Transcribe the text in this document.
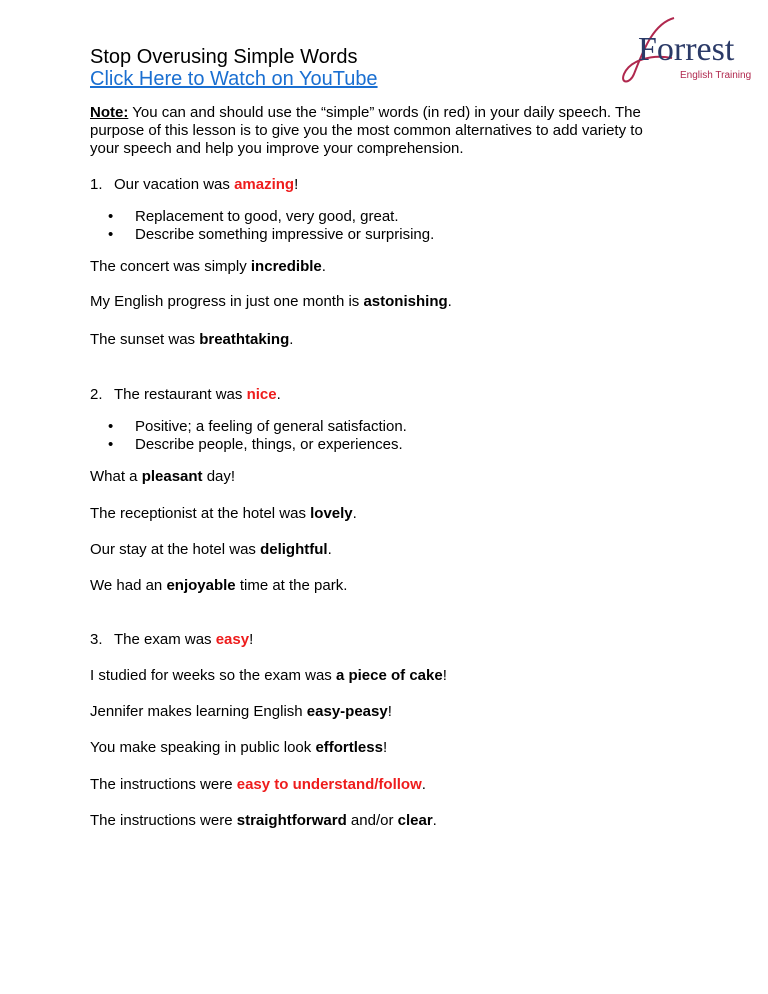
Stop Overusing Simple Words
Click Here to Watch on YouTube
Forrest
English Training
Note: You can and should use the “simple” words (in red) in your daily speech. The
purpose of this lesson is to give you the most common alternatives to add variety to
your speech and help you improve your comprehension.
1. Our vacation was amazing!
• Replacement to good, very good, great.
• Describe something impressive or surprising.
The concert was simply incredible.
My English progress in just one month is astonishing.
The sunset was breathtaking.
2. The restaurant was nice.
• Positive; a feeling of general satisfaction.
• Describe people, things, or experiences.
What a pleasant day!
The receptionist at the hotel was lovely.
Our stay at the hotel was delightful.
We had an enjoyable time at the park.
3. The exam was easy!
I studied for weeks so the exam was a piece of cake!
Jennifer makes learning English easy-peasy!
You make speaking in public look effortless!
The instructions were easy to understand/follow.
The instructions were straightforward and/or clear.
